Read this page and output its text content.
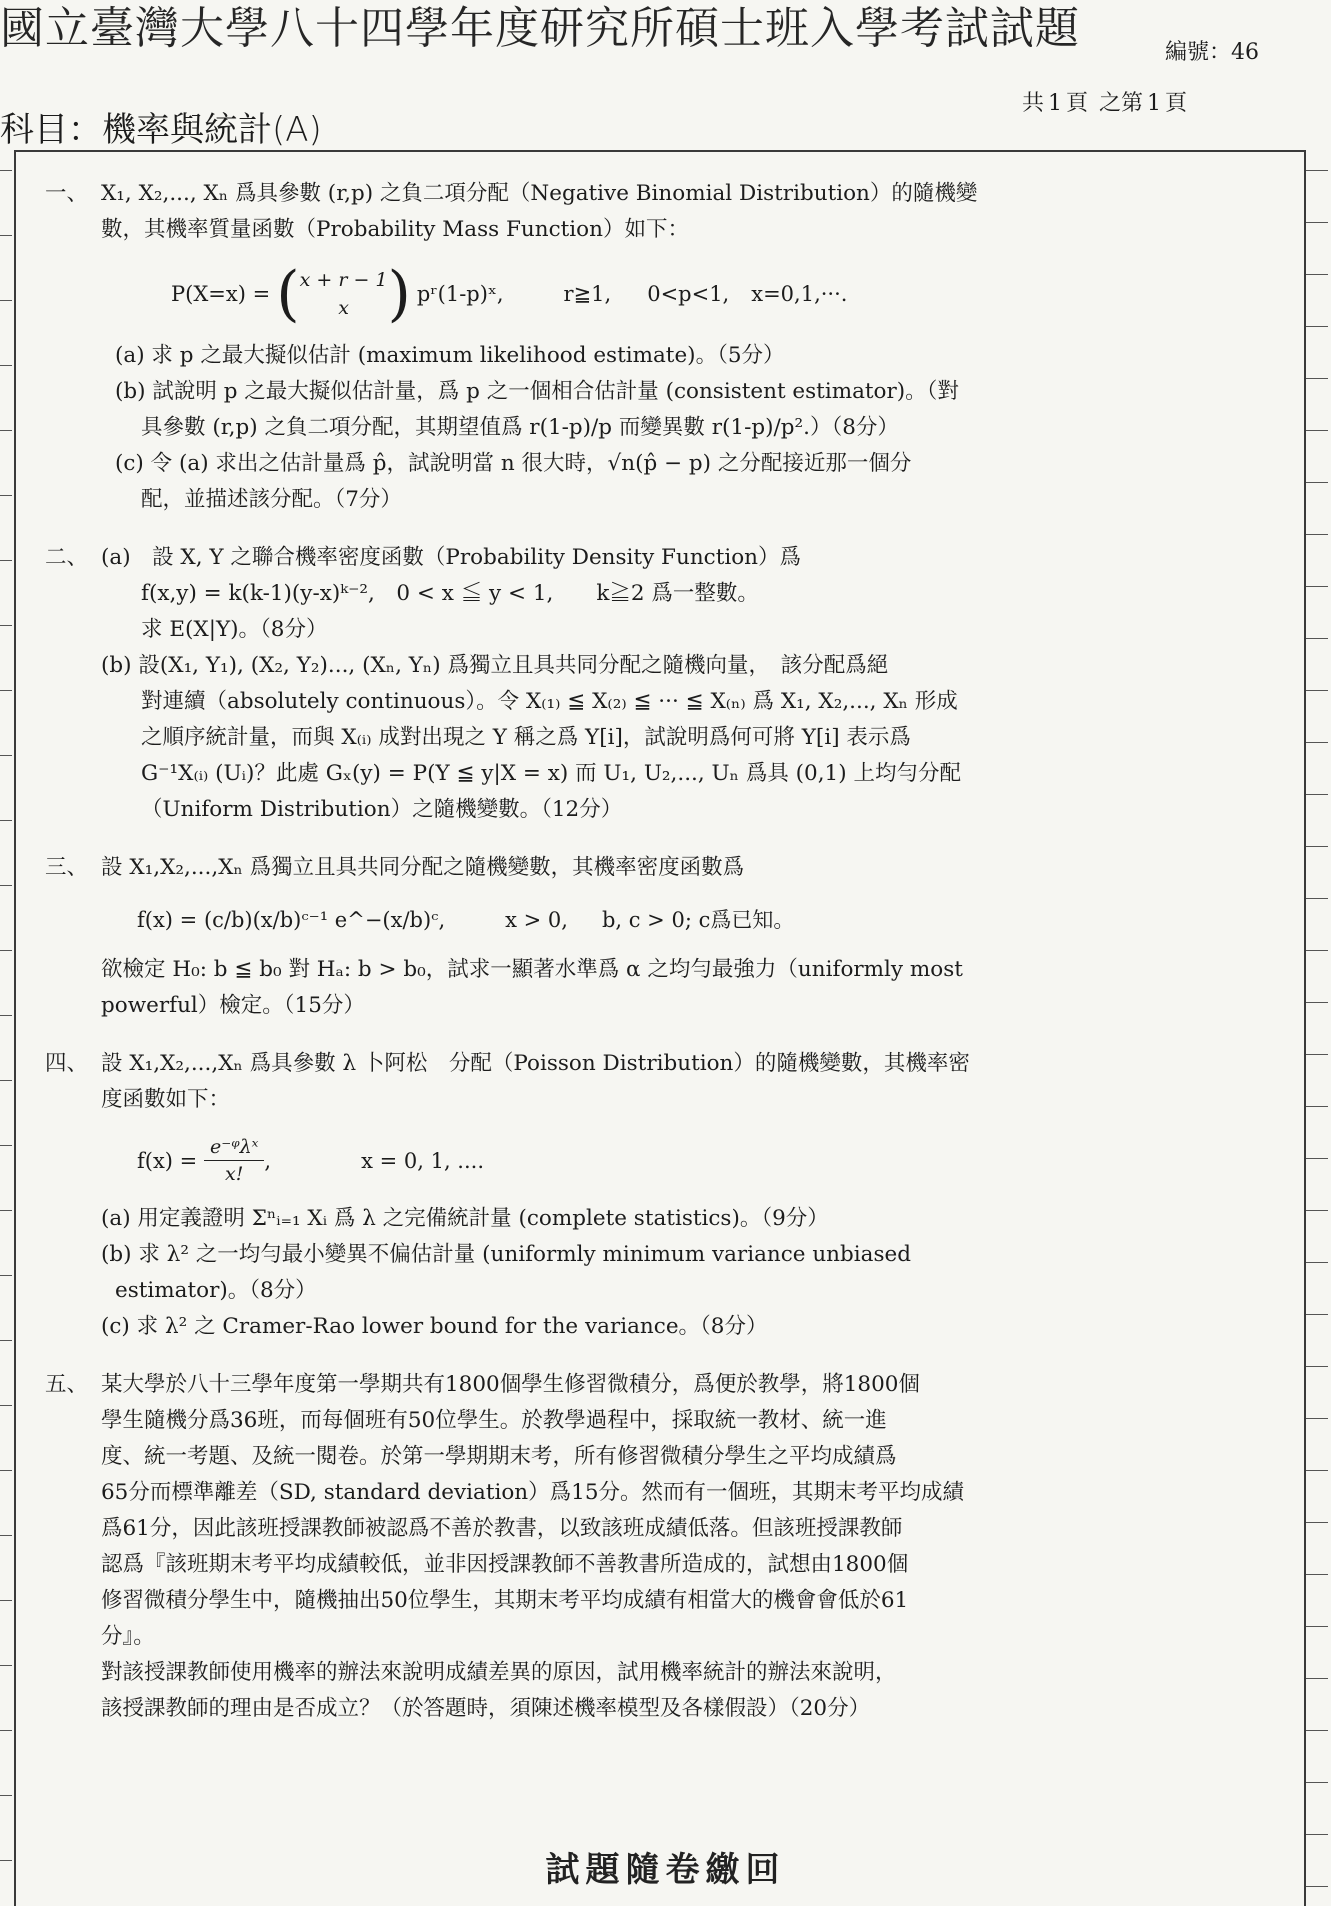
國立臺灣大學八十四學年度研究所碩士班入學考試試題	編號：46
共 1 頁 之第 1 頁
科目：機率與統計(A)
一、 X₁, X₂,..., Xₙ 爲具參數 (r,p) 之負二項分配（Negative Binomial Distribution）的隨機變
數，其機率質量函數（Probability Mass Function）如下：
P(X=x) = ( x + r − 1
x ) pʳ(1-p)ˣ,	r≧1, 0<p<1, x=0,1,···.
(a) 求 p 之最大擬似估計 (maximum likelihood estimate)。（5分）
(b) 試說明 p 之最大擬似估計量，爲 p 之一個相合估計量 (consistent estimator)。（對
具參數 (r,p) 之負二項分配，其期望值爲 r(1-p)/p 而變異數 r(1-p)/p².）（8分）
(c) 令 (a) 求出之估計量爲 p̂，試說明當 n 很大時，√n(p̂ − p) 之分配接近那一個分
配，並描述該分配。（7分）
二、 (a)　設 X, Y 之聯合機率密度函數（Probability Density Function）爲
f(x,y) = k(k-1)(y-x)ᵏ⁻²,　0 < x ≦ y < 1,　　k≧2 爲一整數。
求 E(X|Y)。（8分）
(b) 設(X₁, Y₁), (X₂, Y₂)..., (Xₙ, Yₙ) 爲獨立且具共同分配之隨機向量，　該分配爲絕
對連續（absolutely continuous）。令 X₍₁₎ ≦ X₍₂₎ ≦ ··· ≦ X₍ₙ₎ 爲 X₁, X₂,..., Xₙ 形成
之順序統計量，而與 X₍ᵢ₎ 成對出現之 Y 稱之爲 Y[i]，試說明爲何可將 Y[i] 表示爲
G⁻¹X₍ᵢ₎ (Uᵢ)？此處 Gₓ(y) = P(Y ≦ y|X = x) 而 U₁, U₂,..., Uₙ 爲具 (0,1) 上均勻分配
（Uniform Distribution）之隨機變數。（12分）
三、 設 X₁,X₂,...,Xₙ 爲獨立且具共同分配之隨機變數，其機率密度函數爲
f(x) = (c/b)(x/b)ᶜ⁻¹ e^−(x/b)ᶜ,	x > 0, b, c > 0; c爲已知。
欲檢定 H₀: b ≦ b₀ 對 Hₐ: b > b₀，試求一顯著水準爲 α 之均勻最強力（uniformly most
powerful）檢定。（15分）
四、 設 X₁,X₂,...,Xₙ 爲具參數 λ 卜阿松　分配（Poisson Distribution）的隨機變數，其機率密
度函數如下：
f(x) =
$\frac{\text{e⁻ᵠλˣ}}{x!}$ ,	x = 0, 1, ....
(a) 用定義證明 Σⁿᵢ₌₁ Xᵢ 爲 λ 之完備統計量 (complete statistics)。（9分）
(b) 求 λ² 之一均勻最小變異不偏估計量 (uniformly minimum variance unbiased
estimator)。（8分）
(c) 求 λ² 之 Cramer-Rao lower bound for the variance。（8分）
五、 某大學於八十三學年度第一學期共有1800個學生修習微積分，爲便於教學，將1800個
學生隨機分爲36班，而每個班有50位學生。於教學過程中，採取統一教材、統一進
度、統一考題、及統一閱卷。於第一學期期末考，所有修習微積分學生之平均成績爲
65分而標準離差（SD, standard deviation）爲15分。然而有一個班，其期末考平均成績
爲61分，因此該班授課教師被認爲不善於教書，以致該班成績低落。但該班授課教師
認爲『該班期末考平均成績較低，並非因授課教師不善教書所造成的，試想由1800個
修習微積分學生中，隨機抽出50位學生，其期末考平均成績有相當大的機會會低於61
分』。
對該授課教師使用機率的辦法來說明成績差異的原因，試用機率統計的辦法來說明，
該授課教師的理由是否成立？（於答題時，須陳述機率模型及各樣假設）（20分）
試題隨卷繳回
